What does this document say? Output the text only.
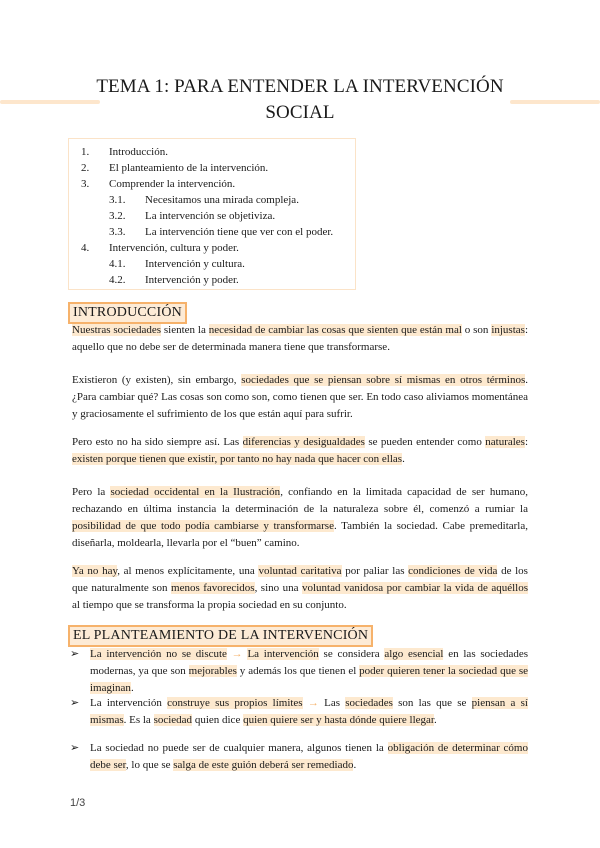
TEMA 1: PARA ENTENDER LA INTERVENCIÓN SOCIAL
1. Introducción.
2. El planteamiento de la intervención.
3. Comprender la intervención.
3.1. Necesitamos una mirada compleja.
3.2. La intervención se objetiviza.
3.3. La intervención tiene que ver con el poder.
4. Intervención, cultura y poder.
4.1. Intervención y cultura.
4.2. Intervención y poder.
INTRODUCCIÓN
Nuestras sociedades sienten la necesidad de cambiar las cosas que sienten que están mal o son injustas: aquello que no debe ser de determinada manera tiene que transformarse.
Existieron (y existen), sin embargo, sociedades que se piensan sobre sí mismas en otros términos. ¿Para cambiar qué? Las cosas son como son, como tienen que ser. En todo caso aliviamos momentánea y graciosamente el sufrimiento de los que están aquí para sufrir.
Pero esto no ha sido siempre así. Las diferencias y desigualdades se pueden entender como naturales: existen porque tienen que existir, por tanto no hay nada que hacer con ellas.
Pero la sociedad occidental en la Ilustración, confiando en la limitada capacidad de ser humano, rechazando en última instancia la determinación de la naturaleza sobre él, comenzó a rumiar la posibilidad de que todo podía cambiarse y transformarse. También la sociedad. Cabe premeditarla, diseñarla, moldearla, llevarla por el “buen” camino.
Ya no hay, al menos explícitamente, una voluntad caritativa por paliar las condiciones de vida de los que naturalmente son menos favorecidos, sino una voluntad vanidosa por cambiar la vida de aquéllos al tiempo que se transforma la propia sociedad en su conjunto.
EL PLANTEAMIENTO DE LA INTERVENCIÓN
➢ La intervención no se discute → La intervención se considera algo esencial en las sociedades modernas, ya que son mejorables y además los que tienen el poder quieren tener la sociedad que se imaginan.
➢ La intervención construye sus propios límites → Las sociedades son las que se piensan a sí mismas. Es la sociedad quien dice quien quiere ser y hasta dónde quiere llegar.
➢ La sociedad no puede ser de cualquier manera, algunos tienen la obligación de determinar cómo debe ser, lo que se salga de este guión deberá ser remediado.
1/3
